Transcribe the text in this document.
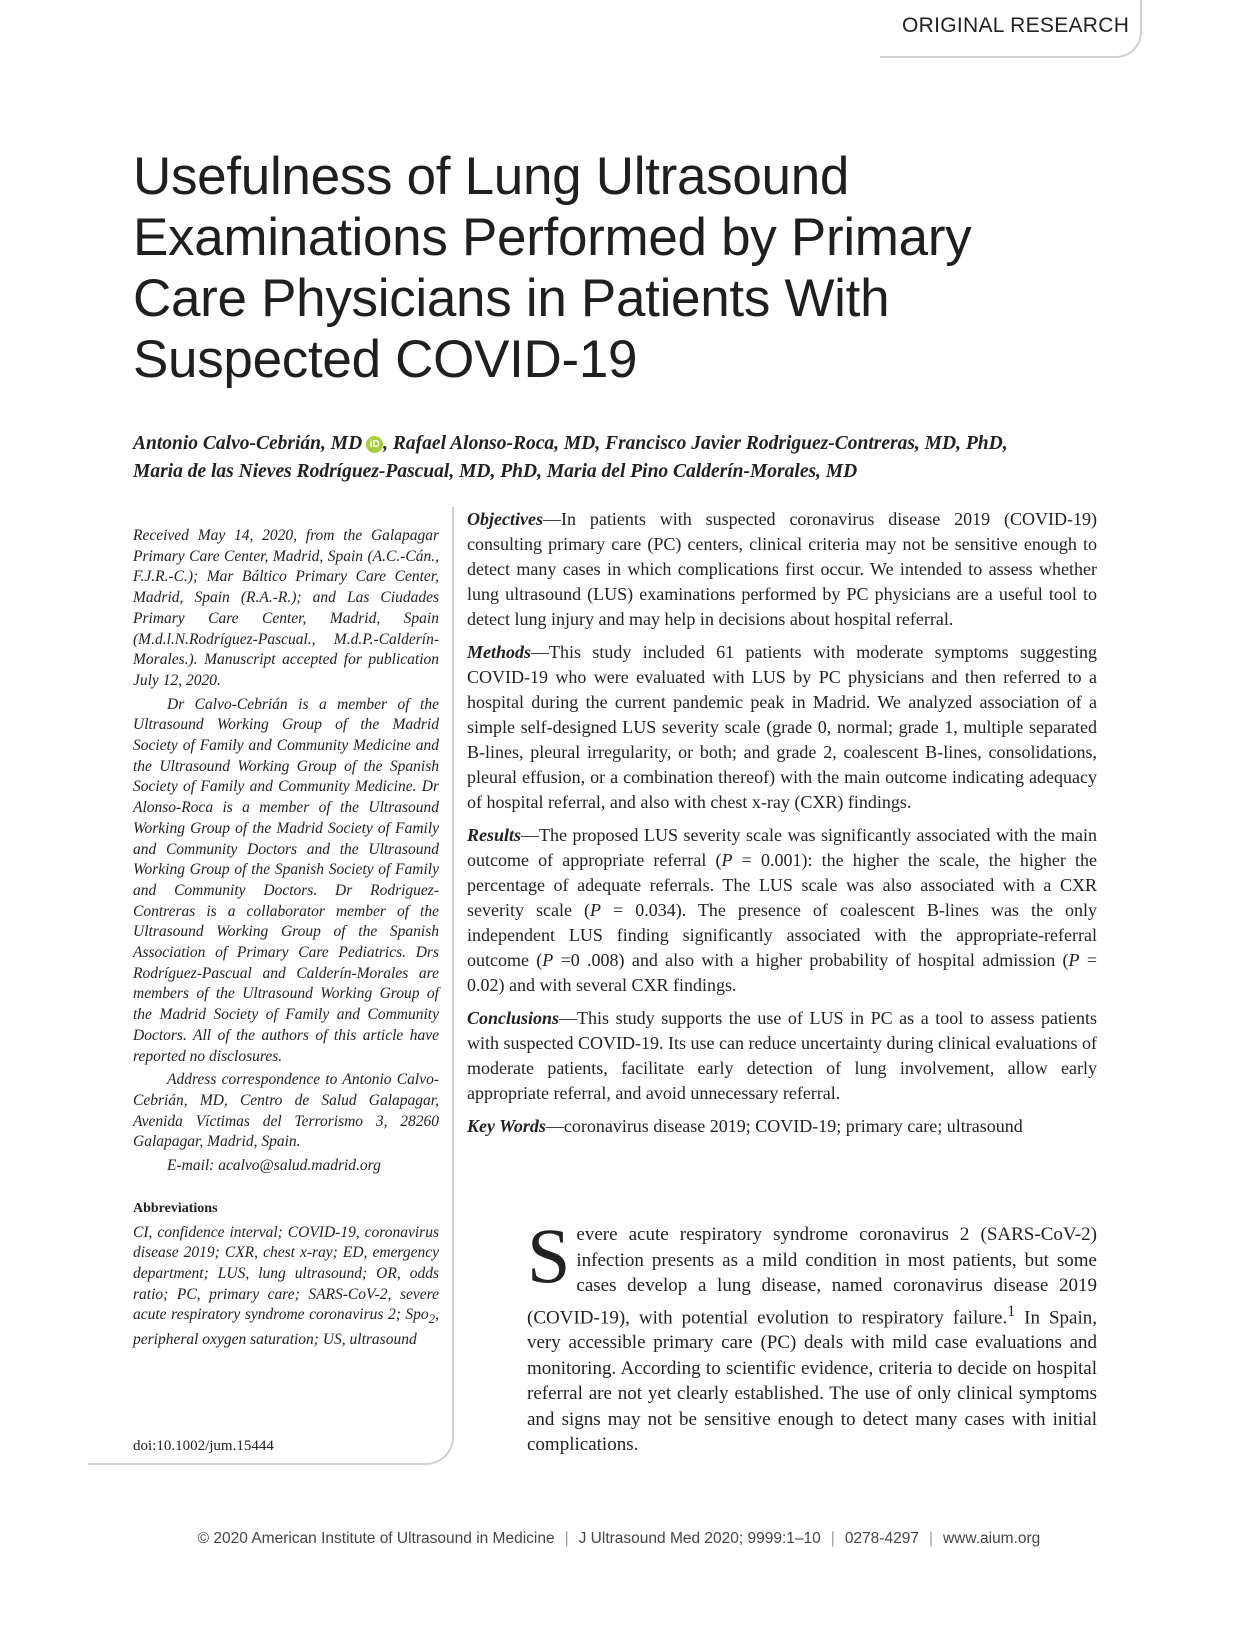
ORIGINAL RESEARCH
Usefulness of Lung Ultrasound
Examinations Performed by Primary
Care Physicians in Patients With
Suspected COVID-19
Antonio Calvo-Cebrián, MD iD , Rafael Alonso-Roca, MD, Francisco Javier Rodriguez-Contreras, MD, PhD,
Maria de las Nieves Rodríguez-Pascual, MD, PhD, Maria del Pino Calderín-Morales, MD

Received May 14, 2020, from the Galapagar Primary Care Center, Madrid, Spain (A.C.-Cán., F.J.R.-C.); Mar Báltico Primary Care Center, Madrid, Spain (R.A.-R.); and Las Ciudades Primary Care Center, Madrid, Spain (M.d.l.N.Rodríguez-Pascual., M.d.P.-Calderín-Morales.). Manuscript accepted for publication July 12, 2020.

Dr Calvo-Cebrián is a member of the Ultrasound Working Group of the Madrid Society of Family and Community Medicine and the Ultrasound Working Group of the Spanish Society of Family and Community Medicine. Dr Alonso-Roca is a member of the Ultrasound Working Group of the Madrid Society of Family and Community Doctors and the Ultrasound Working Group of the Spanish Society of Family and Community Doctors. Dr Rodriguez-Contreras is a collaborator member of the Ultrasound Working Group of the Spanish Association of Primary Care Pediatrics. Drs Rodríguez-Pascual and Calderín-Morales are members of the Ultrasound Working Group of the Madrid Society of Family and Community Doctors. All of the authors of this article have reported no disclosures.

Address correspondence to Antonio Calvo-Cebrián, MD, Centro de Salud Galapagar, Avenida Víctimas del Terrorismo 3, 28260 Galapagar, Madrid, Spain.

E-mail: acalvo@salud.madrid.org

Abbreviations

CI, confidence interval; COVID-19, coronavirus disease 2019; CXR, chest x-ray; ED, emergency department; LUS, lung ultrasound; OR, odds ratio; PC, primary care; SARS-CoV-2, severe acute respiratory syndrome coronavirus 2; Spo$_2$, peripheral oxygen saturation; US, ultrasound

doi:10.1002/jum.15444

Objectives—In patients with suspected coronavirus disease 2019 (COVID-19) consulting primary care (PC) centers, clinical criteria may not be sensitive enough to detect many cases in which complications first occur. We intended to assess whether lung ultrasound (LUS) examinations performed by PC physicians are a useful tool to detect lung injury and may help in decisions about hospital referral.

Methods—This study included 61 patients with moderate symptoms suggesting COVID-19 who were evaluated with LUS by PC physicians and then referred to a hospital during the current pandemic peak in Madrid. We analyzed association of a simple self-designed LUS severity scale (grade 0, normal; grade 1, multiple separated B-lines, pleural irregularity, or both; and grade 2, coalescent B-lines, consolidations, pleural effusion, or a combination thereof) with the main outcome indicating adequacy of hospital referral, and also with chest x-ray (CXR) findings.

Results—The proposed LUS severity scale was significantly associated with the main outcome of appropriate referral (P = 0.001): the higher the scale, the higher the percentage of adequate referrals. The LUS scale was also associated with a CXR severity scale (P = 0.034). The presence of coalescent B-lines was the only independent LUS finding significantly associated with the appropriate-referral outcome (P =0 .008) and also with a higher probability of hospital admission (P = 0.02) and with several CXR findings.

Conclusions—This study supports the use of LUS in PC as a tool to assess patients with suspected COVID-19. Its use can reduce uncertainty during clinical evaluations of moderate patients, facilitate early detection of lung involvement, allow early appropriate referral, and avoid unnecessary referral.

Key Words—coronavirus disease 2019; COVID-19; primary care; ultrasound

Severe acute respiratory syndrome coronavirus 2 (SARS-CoV-2) infection presents as a mild condition in most patients, but some cases develop a lung disease, named coronavirus disease 2019 (COVID-19), with potential evolution to respiratory failure.$^1$ In Spain, very accessible primary care (PC) deals with mild case evaluations and monitoring. According to scientific evidence, criteria to decide on hospital referral are not yet clearly established. The use of only clinical symptoms and signs may not be sensitive enough to detect many cases with initial complications.
© 2020 American Institute of Ultrasound in Medicine | J Ultrasound Med 2020; 9999:1–10 | 0278-4297 | www.aium.org
